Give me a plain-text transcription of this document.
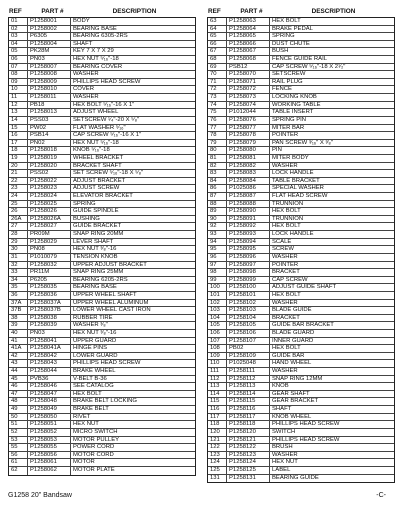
REF	PART #	DESCRIPTION
01	P1258001	BODY
02	P1258002	BEARING BASE
03	P6305	BEARING 6305-2RS
04	P1258004	SHAFT
05	PK28M	KEY 7 X 7 X 29
06	PN03	HEX NUT ⁵⁄₁₆"-18
07	P1258007	BEARING COVER
08	P1258008	WASHER
09	P1258009	PHILLIPS HEAD SCREW
10	P1258010	COVER
11	P1258011	WASHER
12	PB18	HEX BOLT ⁵⁄₁₆"-16 X 1"
13	P1258013	ADJUST WHEEL
14	PSS03	SETSCREW ¹⁄₄"-20 X ⁵⁄₈"
15	PW02	FLAT WASHER ⁵⁄₁₆"
16	PSB14	CAP SCREW ⁵⁄₁₆"-16 X 1"
17	PN02	HEX NUT ⁵⁄₁₆"-18
18	P1258018	KNOB ⁵⁄₁₆"-18
19	P1258019	WHEEL BRACKET
20	P1258020	BRACKET SHAFT
21	PSS02	SET SCREW ⁵⁄₁₆"-18 X ⁵⁄₈"
22	P1258022	ADJUST BRACKET
23	P1258023	ADJUST SCREW
24	P1258024	ELEVATOR BRACKET
25	P1258025	SPRING
26	P1258026	GUIDE SPINDLE
26A	P1258026A	BUSHING
27	P1258027	GUIDE BRACKET
28	PR09M	SNAP RING 20MM
29	P1258029	LEVER SHAFT
30	PN08	HEX NUT ³⁄₈"-16
31	P1010079	TENSION KNOB
32	P1258032	UPPER ADJUST BRACKET
33	PR11M	SNAP RING 25MM
34	P6205	BEARING 6205-2RS
35	P1258035	BEARING BASE
36	P1258036	UPPER WHEEL SHAFT
37A	P1258037A	UPPER WHEEL ALUMINUM
37B	P1258037B	LOWER WHEEL CAST IRON
38	P1258038	RUBBER TIRE
39	P1258039	WASHER ³⁄₈"
40	PN03	HEX NUT ³⁄₈"-16
41	P1258041	UPPER GUARD
41A	P1258041A	HINGE PINS
42	P1258042	LOWER GUARD
43	P1258043	PHILLIPS HEAD SCREW
44	P1258044	BRAKE WHEEL
45	PVB36	V-BELT B-36
46	P1258046	SEE CATALOG
47	P1258047	HEX BOLT
48	P1258048	BRAKE BELT LOCKING
49	P1258049	BRAKE BELT
50	P1258050	RIVET
51	P1258051	HEX NUT
52	P1258052	MICRO SWITCH
53	P1258053	MOTOR PULLEY
55	P1258055	POWER CORD
56	P1258056	MOTOR CORD
61	P1258061	MOTOR
62	P1258062	MOTOR PLATE
REF	PART #	DESCRIPTION
63	P1258063	HEX BOLT
64	P1258064	BRAKE PEDAL
65	P1258065	SPRING
66	P1258066	DUST CHUTE
67	P1258067	BUSH
68	P1258068	FENCE GUIDE RAIL
69	PSB12	CAP SCREW ⁵⁄₁₆"-18 X 2¹⁄₂"
70	P1258070	SETSCREW
71	P1258071	RAIL PLUG
72	P1258072	FENCE
73	P1258073	LOCKING KNOB
74	P1258074	WORKING TABLE
75	P1012044	TABLE INSERT
76	P1258076	SPRING PIN
77	P1258077	MITER BAR
78	P1258078	POINTER
79	P1258079	PAN SCREW ³⁄₁₆" X ³⁄₈"
80	P1258080	PIN
81	P1258081	MITER BODY
82	P1258082	WASHER
83	P1258083	LOCK HANDLE
84	P1258084	TABLE BRACKET
86	P1025086	SPECIAL WASHER
87	P1258087	FLAT HEAD SCREW
88	P1258088	TRUNNION
89	P1258090	HEX BOLT
90	P1258091	TRUNNION
92	P1258092	HEX BOLT
93	P1258093	LOCK HANDLE
94	P1258094	SCALE
95	P1258095	SCREW
96	P1258096	WASHER
97	P1258097	POINTER
98	P1258098	BRACKET
99	P1258099	CAP SCREW
100	P1258100	ADJUST GUIDE SHAFT
101	P1258101	HEX BOLT
102	P1258102	WASHER
103	P1258103	BLADE GUIDE
104	P1258104	BRACKET
105	P1258105	GUIDE BAR BRACKET
106	P1258106	BLADE GUARD
107	P1258107	INNER GUARD
108	PB02	HEX BOLT
109	P1258109	GUIDE BAR
110	P1025048	HAND WHEEL
111	P1258111	WASHER
112	P1258112	SNAP RING 12MM
113	P1258113	KNOB
114	P1258114	GEAR SHAFT
115	P1258115	GEAR BRACKET
116	P1258116	SHAFT
117	P1258117	KNOB WHEEL
118	P1258118	PHILLIPS HEAD SCREW
120	P1258120	SWITCH
121	P1258121	PHILLIPS HEAD SCREW
122	P1258122	BRUSH
123	P1258123	WASHER
124	P1258124	HEX NUT
125	P1258125	LABEL
131	P1258131	BEARING GUIDE
G1258 20" Bandsaw	-C-
